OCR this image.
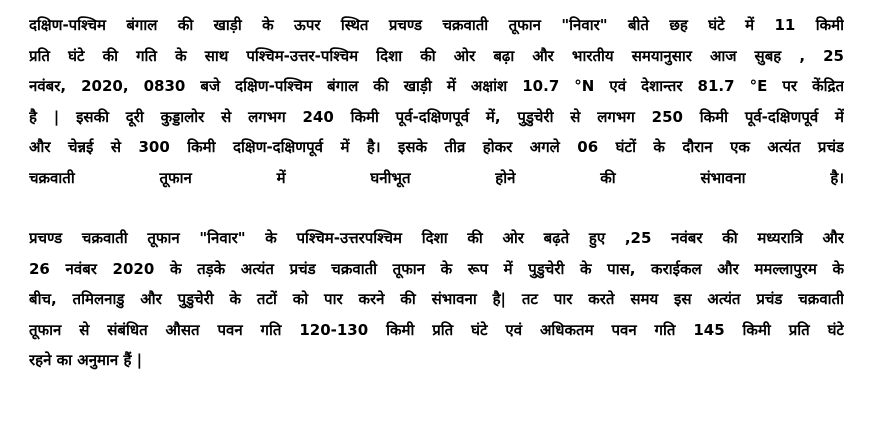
दक्षिण-पश्चिम बंगाल की खाड़ी के ऊपर स्थित प्रचण्ड चक्रवाती तूफान "निवार" बीते छह घंटे में 11 किमी
प्रति घंटे की गति के साथ पश्चिम-उत्तर-पश्चिम दिशा की ओर बढ़ा और भारतीय समयानुसार आज सुबह , 25
नवंबर, 2020, 0830 बजे दक्षिण-पश्चिम बंगाल की खाड़ी में अक्षांश 10.7 °N एवं देशान्तर 81.7 °E पर केंद्रित
है | इसकी दूरी कुड्डालोर से लगभग 240 किमी पूर्व-दक्षिणपूर्व में, पुडुचेरी से लगभग 250 किमी पूर्व-दक्षिणपूर्व में
और चेन्नई से 300 किमी दक्षिण-दक्षिणपूर्व में है। इसके तीव्र होकर अगले 06 घंटों के दौरान एक अत्यंत प्रचंड
चक्रवाती तूफान में घनीभूत होने की संभावना है।
प्रचण्ड चक्रवाती तूफान "निवार" के पश्चिम-उत्तरपश्चिम दिशा की ओर बढ़ते हुए ,25 नवंबर की मध्यरात्रि और
26 नवंबर 2020 के तड़के अत्यंत प्रचंड चक्रवाती तूफान के रूप में पुडुचेरी के पास, कराईकल और ममल्लापुरम के
बीच, तमिलनाडु और पुडुचेरी के तटों को पार करने की संभावना है| तट पार करते समय इस अत्यंत प्रचंड चक्रवाती
तूफान से संबंधित औसत पवन गति 120-130 किमी प्रति घंटे एवं अधिकतम पवन गति 145 किमी प्रति घंटे
रहने का अनुमान हैं |
